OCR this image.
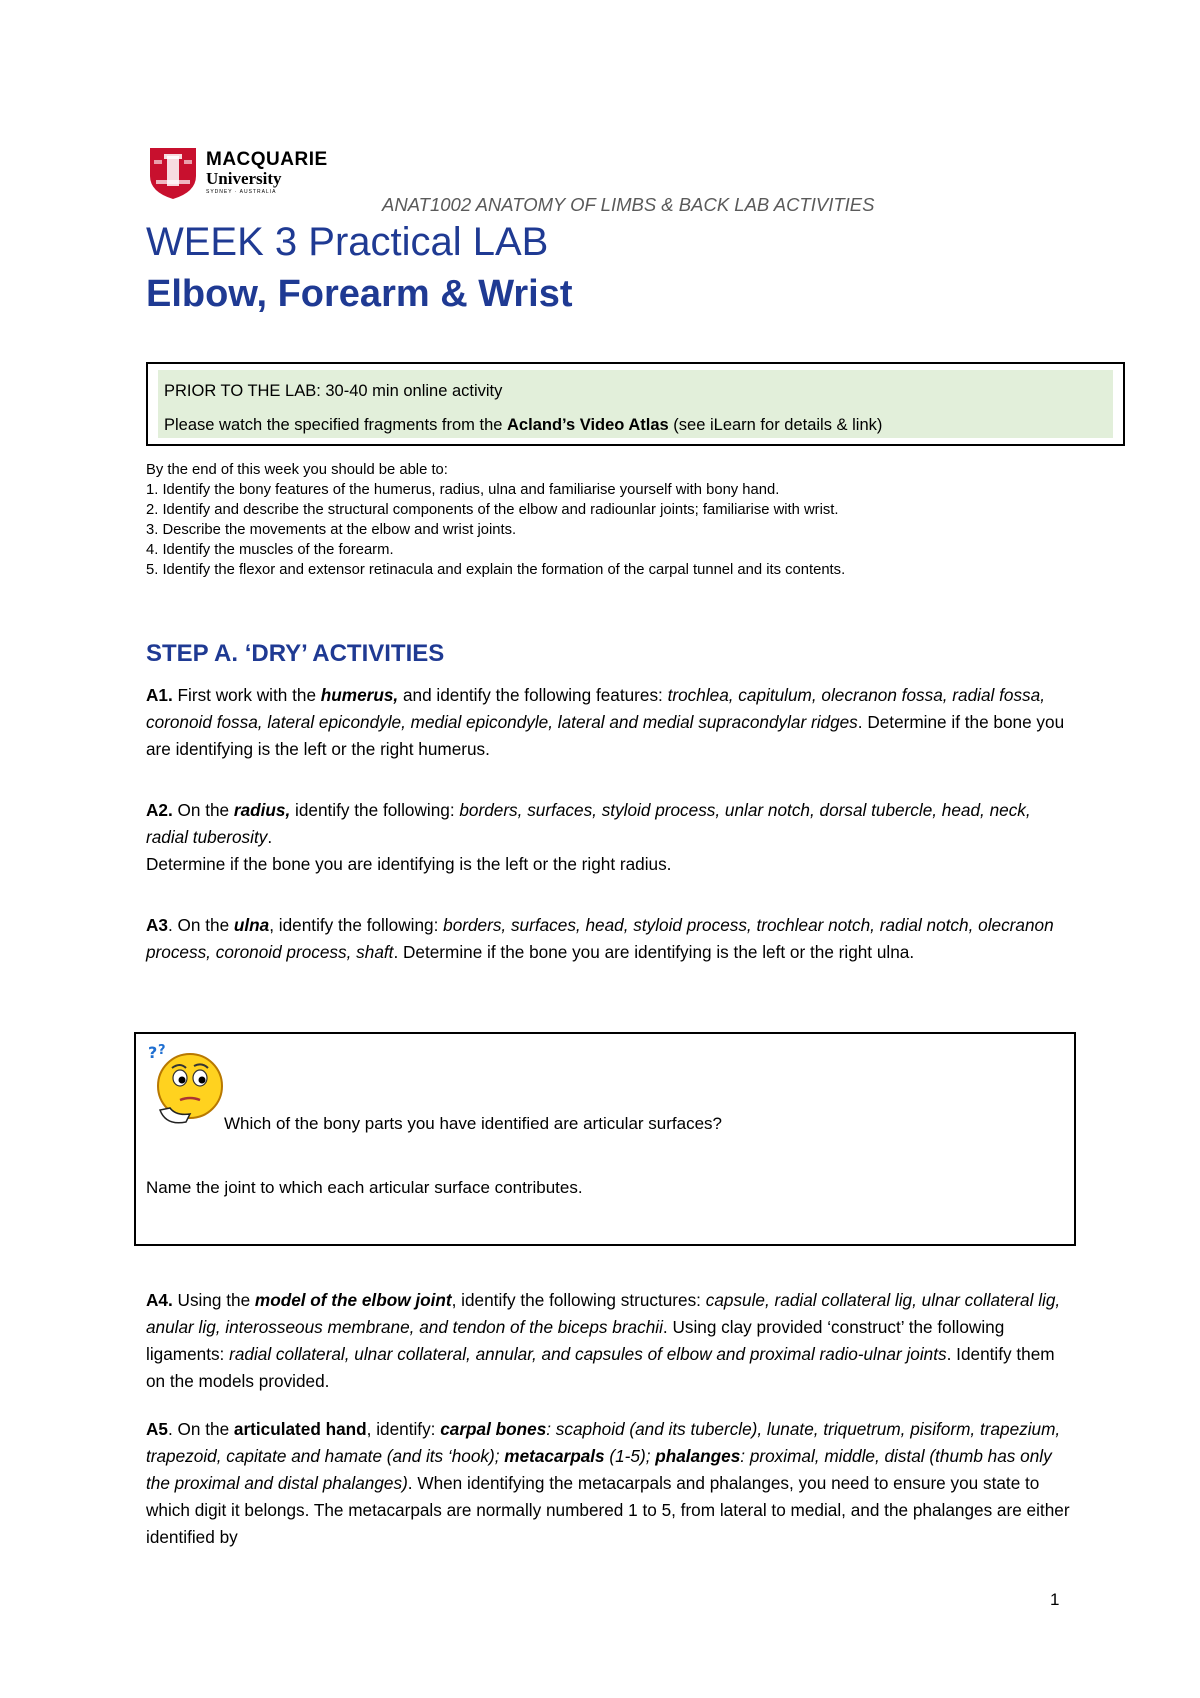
MACQUARIE
University
SYDNEY · AUSTRALIA
ANAT1002 ANATOMY OF LIMBS & BACK LAB ACTIVITIES
WEEK 3 Practical LAB
Elbow, Forearm & Wrist
PRIOR TO THE LAB: 30-40 min online activity
Please watch the specified fragments from the Acland’s Video Atlas (see iLearn for details & link)
By the end of this week you should be able to:
1. Identify the bony features of the humerus, radius, ulna and familiarise yourself with bony hand.
2. Identify and describe the structural components of the elbow and radiounlar joints; familiarise with wrist.
3. Describe the movements at the elbow and wrist joints.
4. Identify the muscles of the forearm.
5. Identify the flexor and extensor retinacula and explain the formation of the carpal tunnel and its contents.
STEP A. ‘DRY’ ACTIVITIES
A1. First work with the humerus, and identify the following features: trochlea, capitulum, olecranon fossa, radial fossa, coronoid fossa, lateral epicondyle, medial epicondyle, lateral and medial supracondylar ridges. Determine if the bone you are identifying is the left or the right humerus.
A2. On the radius, identify the following: borders, surfaces, styloid process, unlar notch, dorsal tubercle, head, neck, radial tuberosity.
Determine if the bone you are identifying is the left or the right radius.
A3. On the ulna, identify the following: borders, surfaces, head, styloid process, trochlear notch, radial notch, olecranon process, coronoid process, shaft. Determine if the bone you are identifying is the left or the right ulna.
? ?
Which of the bony parts you have identified are articular surfaces?
Name the joint to which each articular surface contributes.
A4. Using the model of the elbow joint, identify the following structures: capsule, radial collateral lig, ulnar collateral lig, anular lig, interosseous membrane, and tendon of the biceps brachii. Using clay provided ‘construct’ the following ligaments: radial collateral, ulnar collateral, annular, and capsules of elbow and proximal radio-ulnar joints. Identify them on the models provided.
A5. On the articulated hand, identify: carpal bones: scaphoid (and its tubercle), lunate, triquetrum, pisiform, trapezium, trapezoid, capitate and hamate (and its ‘hook); metacarpals (1-5); phalanges: proximal, middle, distal (thumb has only the proximal and distal phalanges). When identifying the metacarpals and phalanges, you need to ensure you state to which digit it belongs. The metacarpals are normally numbered 1 to 5, from lateral to medial, and the phalanges are either identified by
1
